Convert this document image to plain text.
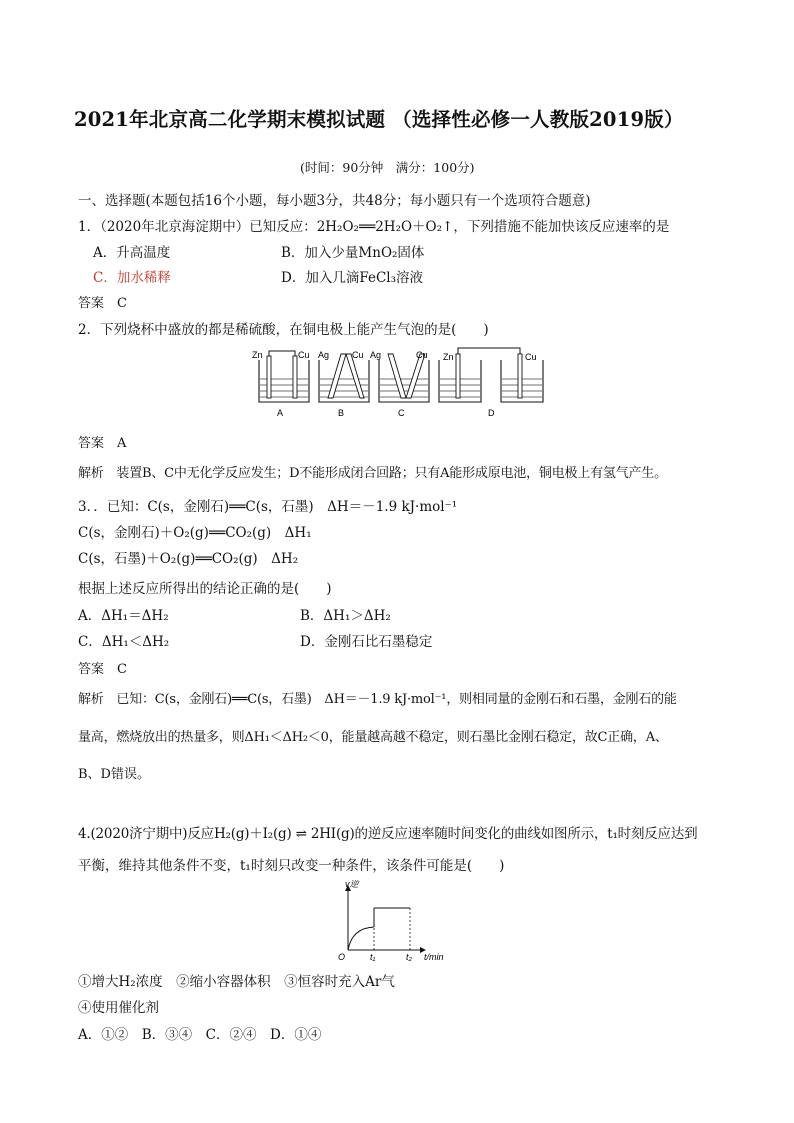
2021年北京高二化学期末模拟试题 （选择性必修一人教版2019版）
(时间：90分钟　满分：100分)
一、选择题(本题包括16个小题，每小题3分，共48分；每小题只有一个选项符合题意)
1．（2020年北京海淀期中）已知反应：2H₂O₂══2H₂O＋O₂↑，下列措施不能加快该反应速率的是
A．升高温度	B．加入少量MnO₂固体
C．加水稀释	D．加入几滴FeCl₃溶液
答案　C
2．下列烧杯中盛放的都是稀硫酸，在铜电极上能产生气泡的是(　　)
Zn	Cu
A
Ag	Cu
B
Ag	Cu
C
Zn	Cu
D
答案　A
解析　装置B、C中无化学反应发生；D不能形成闭合回路；只有A能形成原电池，铜电极上有氢气产生。
3．．已知：C(s，金刚石)══C(s，石墨)　ΔH＝－1.9 kJ·mol⁻¹
C(s，金刚石)＋O₂(g)══CO₂(g)　ΔH₁
C(s，石墨)＋O₂(g)══CO₂(g)　ΔH₂
根据上述反应所得出的结论正确的是(　　)
A．ΔH₁＝ΔH₂	B．ΔH₁＞ΔH₂
C．ΔH₁＜ΔH₂	D．金刚石比石墨稳定
答案　C
解析　已知：C(s，金刚石)══C(s，石墨)　ΔH＝－1.9 kJ·mol⁻¹，则相同量的金刚石和石墨，金刚石的能
量高，燃烧放出的热量多，则ΔH₁＜ΔH₂＜0，能量越高越不稳定，则石墨比金刚石稳定，故C正确，A、
B、D错误。
4.(2020济宁期中)反应H₂(g)＋I₂(g) ⇌ 2HI(g)的逆反应速率随时间变化的曲线如图所示，t₁时刻反应达到
平衡，维持其他条件不变，t₁时刻只改变一种条件，该条件可能是(　　)
v逆
t/min
O	t₁	t₂
①增大H₂浓度　②缩小容器体积　③恒容时充入Ar气
④使用催化剂
A．①②　B．③④　C．②④　D．①④
